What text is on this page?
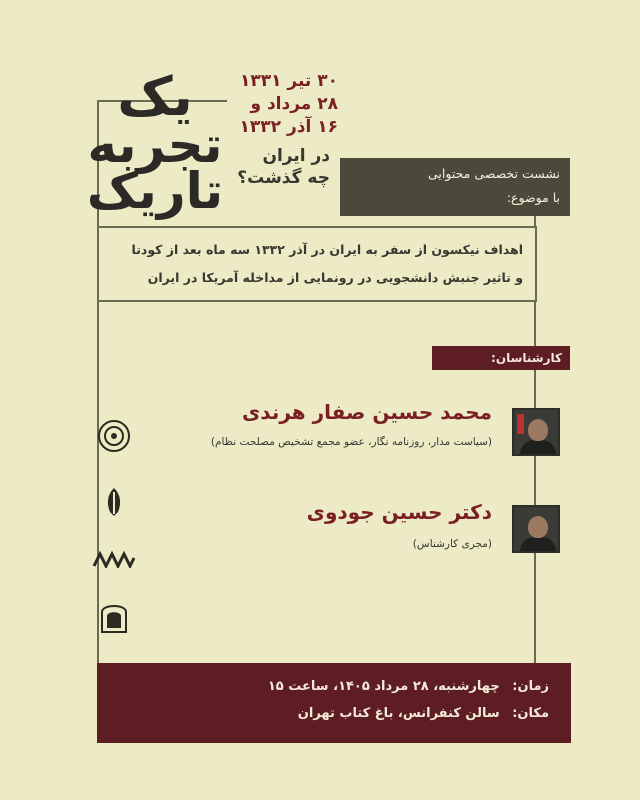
یک
تجربه
تاریک
۳۰ تیر ۱۳۳۱
۲۸ مرداد و
۱۶ آذر ۱۳۳۲
در ایران
چه گذشت؟	نشست تخصصی محتوایی
با موضوع:
اهداف نیکسون از سفر به ایران در آذر ۱۳۳۲ سه ماه بعد از کودتا
و تاثیر جنبش دانشجویی در رونمایی از مداخله آمریکا در ایران
کارشناسان:
محمد حسین صفار هرندی
(سیاست مدار، روزنامه نگار، عضو مجمع تشخیص مصلحت نظام)
دکتر حسین جودوی
(مجری کارشناس)
زمان: چهارشنبه، ۲۸ مرداد ۱۴۰۵، ساعت ۱۵
مکان: سالن کنفرانس، باغ کتاب تهران
